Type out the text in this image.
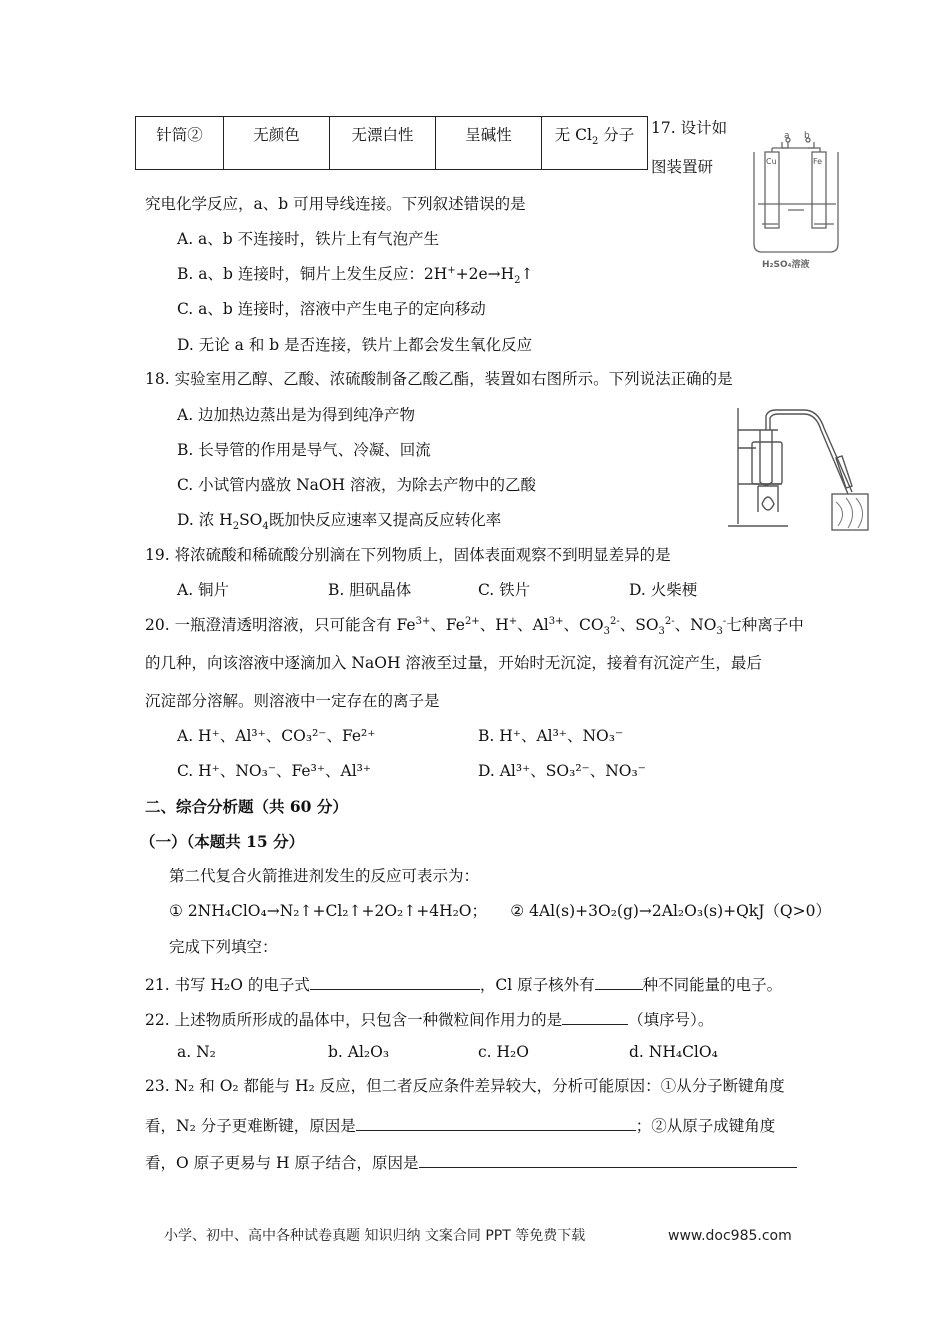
针筒②	无颜色	无漂白性	呈碱性	无 $Cl_2$ 分子 17. 设计如
图装置研
a b
Cu	Fe
H₂SO₄溶液
究电化学反应，a、b 可用导线连接。下列叙述错误的是
A. a、b 不连接时，铁片上有气泡产生
B. a、b 连接时，铜片上发生反应：$2H^++2e\to H_2↑$
C. a、b 连接时，溶液中产生电子的定向移动
D. 无论 a 和 b 是否连接，铁片上都会发生氧化反应
18. 实验室用乙醇、乙酸、浓硫酸制备乙酸乙酯，装置如右图所示。下列说法正确的是
A. 边加热边蒸出是为得到纯净产物
B. 长导管的作用是导气、冷凝、回流
C. 小试管内盛放 NaOH 溶液，为除去产物中的乙酸
D. 浓 $H_2SO_4$既加快反应速率又提高反应转化率
19. 将浓硫酸和稀硫酸分别滴在下列物质上，固体表面观察不到明显差异的是
A. 铜片	B. 胆矾晶体	C. 铁片	D. 火柴梗
20. 一瓶澄清透明溶液，只可能含有 $Fe^{3+}$、$Fe^{2+}$、H+、$Al^{3+}$、$CO_3^{2-}$、$SO_3^{2-}$、$NO_3^-$七种离子中
的几种，向该溶液中逐滴加入 NaOH 溶液至过量，开始时无沉淀，接着有沉淀产生，最后
沉淀部分溶解。则溶液中一定存在的离子是
A. H⁺、Al³⁺、CO₃²⁻、Fe²⁺	B. H⁺、Al³⁺、NO₃⁻
C. H⁺、NO₃⁻、Fe³⁺、Al³⁺	D. Al³⁺、SO₃²⁻、NO₃⁻
二、综合分析题（共 60 分）
（一）（本题共 15 分）
第二代复合火箭推进剂发生的反应可表示为：
① 2NH₄ClO₄→N₂↑+Cl₂↑+2O₂↑+4H₂O；　　② 4Al(s)+3O₂(g)→2Al₂O₃(s)+QkJ（Q>0）
完成下列填空：
21. 书写 H₂O 的电子式	，Cl 原子核外有	种不同能量的电子。
22. 上述物质所形成的晶体中，只包含一种微粒间作用力的是	（填序号）。
a. N₂	b. Al₂O₃	c. H₂O	d. NH₄ClO₄
23. N₂ 和 O₂ 都能与 H₂ 反应，但二者反应条件差异较大，分析可能原因：①从分子断键角度
看，N₂ 分子更难断键，原因是	；②从原子成键角度
看，O 原子更易与 H 原子结合，原因是
小学、初中、高中各种试卷真题 知识归纳 文案合同 PPT 等免费下载	www.doc985.com
